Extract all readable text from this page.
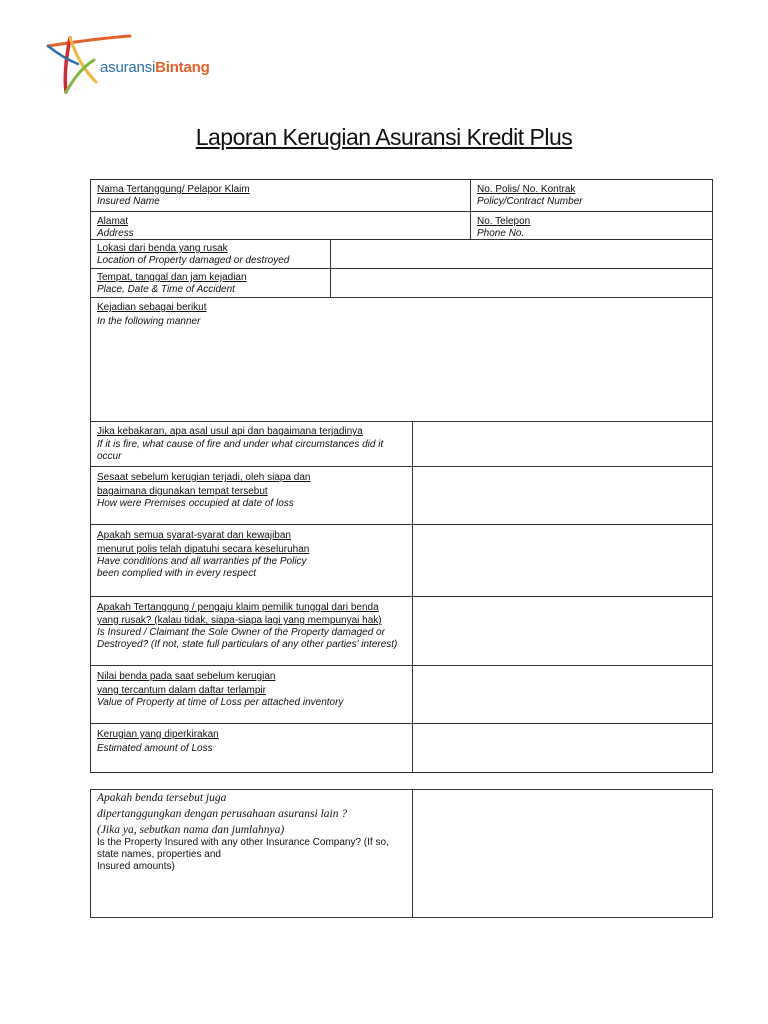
asuransiBintang
Laporan Kerugian Asuransi Kredit Plus
Nama Tertanggung/ Pelapor Klaim
Insured Name
No. Polis/ No. Kontrak
Policy/Contract Number
Alamat
Address
No. Telepon
Phone No.
Lokasi dari benda yang rusak
Location of Property damaged or destroyed
Tempat, tanggal dan jam kejadian
Place, Date & Time of Accident
Kejadian sebagai berikut
In the following manner
Jika kebakaran, apa asal usul api dan bagaimana terjadinya
If it is fire, what cause of fire and under what circumstances did it
occur
Sesaat sebelum kerugian terjadi, oleh siapa dan
bagaimana digunakan tempat tersebut
How were Premises occupied at date of loss
Apakah semua syarat-syarat dan kewajiban
menurut polis telah dipatuhi secara keseluruhan
Have conditions and all warranties pf the Policy
been complied with in every respect
Apakah Tertanggung / pengaju klaim pemilik tunggal dari benda
yang rusak? (kalau tidak, siapa-siapa lagi yang mempunyai hak)
Is Insured / Claimant the Sole Owner of the Property damaged or
Destroyed? (If not, state full particulars of any other parties' interest)
Nilai benda pada saat sebelum kerugian
yang tercantum dalam daftar terlampir
Value of Property at time of Loss per attached inventory
Kerugian yang diperkirakan
Estimated amount of Loss
Apakah benda tersebut juga
dipertanggungkan dengan perusahaan asuransi lain ?
(Jika ya, sebutkan nama dan jumlahnya)
Is the Property Insured with any other Insurance Company? (If so,
state names, properties and
Insured amounts)
